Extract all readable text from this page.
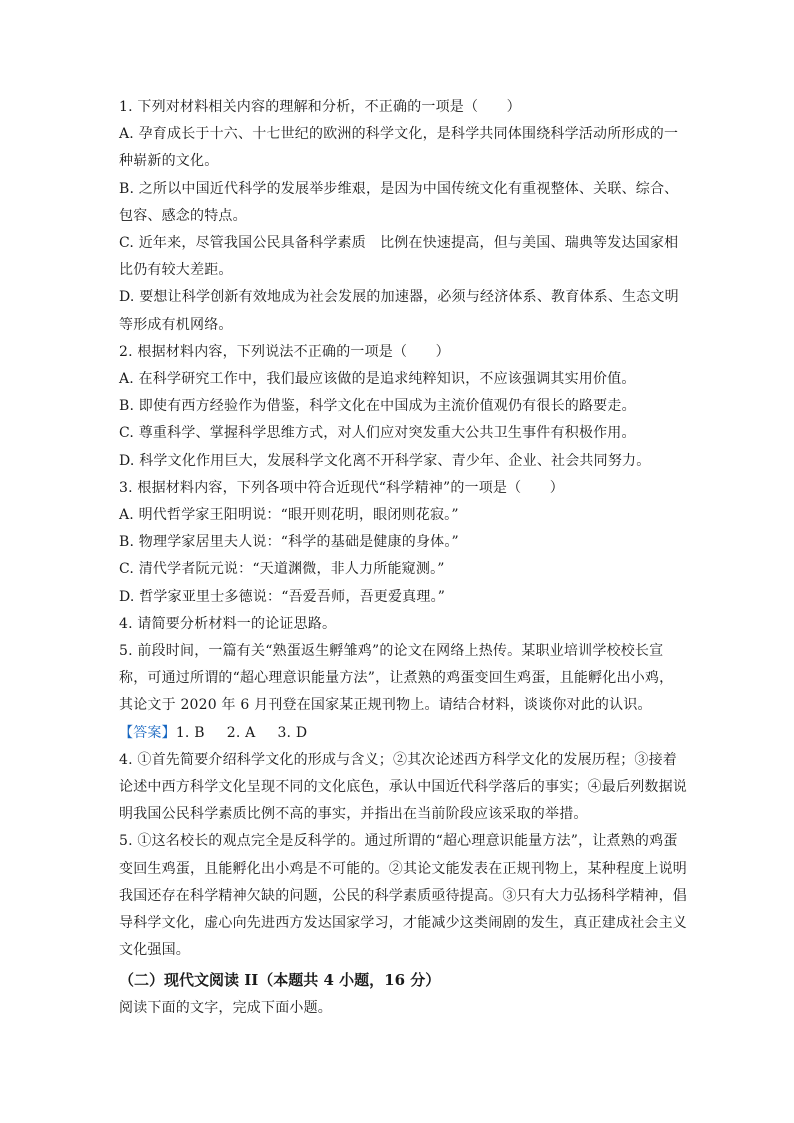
1. 下列对材料相关内容的理解和分析，不正确的一项是（　　）
A. 孕育成长于十六、十七世纪的欧洲的科学文化，是科学共同体围绕科学活动所形成的一
种崭新的文化。
B. 之所以中国近代科学的发展举步维艰，是因为中国传统文化有重视整体、关联、综合、
包容、感念的特点。
C. 近年来，尽管我国公民具备科学素质　比例在快速提高，但与美国、瑞典等发达国家相
比仍有较大差距。
D. 要想让科学创新有效地成为社会发展的加速器，必须与经济体系、教育体系、生态文明
等形成有机网络。
2. 根据材料内容，下列说法不正确的一项是（　　）
A. 在科学研究工作中，我们最应该做的是追求纯粹知识，不应该强调其实用价值。
B. 即使有西方经验作为借鉴，科学文化在中国成为主流价值观仍有很长的路要走。
C. 尊重科学、掌握科学思维方式，对人们应对突发重大公共卫生事件有积极作用。
D. 科学文化作用巨大，发展科学文化离不开科学家、青少年、企业、社会共同努力。
3. 根据材料内容，下列各项中符合近现代“科学精神”的一项是（　　）
A. 明代哲学家王阳明说：“眼开则花明，眼闭则花寂。”
B. 物理学家居里夫人说：“科学的基础是健康的身体。”
C. 清代学者阮元说：“天道渊微，非人力所能窥测。”
D. 哲学家亚里士多德说：“吾爱吾师，吾更爱真理。”
4. 请简要分析材料一的论证思路。
5. 前段时间，一篇有关“熟蛋返生孵雏鸡”的论文在网络上热传。某职业培训学校校长宣
称，可通过所谓的“超心理意识能量方法”，让煮熟的鸡蛋变回生鸡蛋，且能孵化出小鸡，
其论文于 2020 年 6 月刊登在国家某正规刊物上。请结合材料，谈谈你对此的认识。
【答案】1. B 2. A 3. D
4. ①首先简要介绍科学文化的形成与含义；②其次论述西方科学文化的发展历程；③接着
论述中西方科学文化呈现不同的文化底色，承认中国近代科学落后的事实；④最后列数据说
明我国公民科学素质比例不高的事实，并指出在当前阶段应该采取的举措。
5. ①这名校长的观点完全是反科学的。通过所谓的“超心理意识能量方法”，让煮熟的鸡蛋
变回生鸡蛋，且能孵化出小鸡是不可能的。②其论文能发表在正规刊物上，某种程度上说明
我国还存在科学精神欠缺的问题，公民的科学素质亟待提高。③只有大力弘扬科学精神，倡
导科学文化，虚心向先进西方发达国家学习，才能减少这类闹剧的发生，真正建成社会主义
文化强国。
（二）现代文阅读 II（本题共 4 小题，16 分）
阅读下面的文字，完成下面小题。
